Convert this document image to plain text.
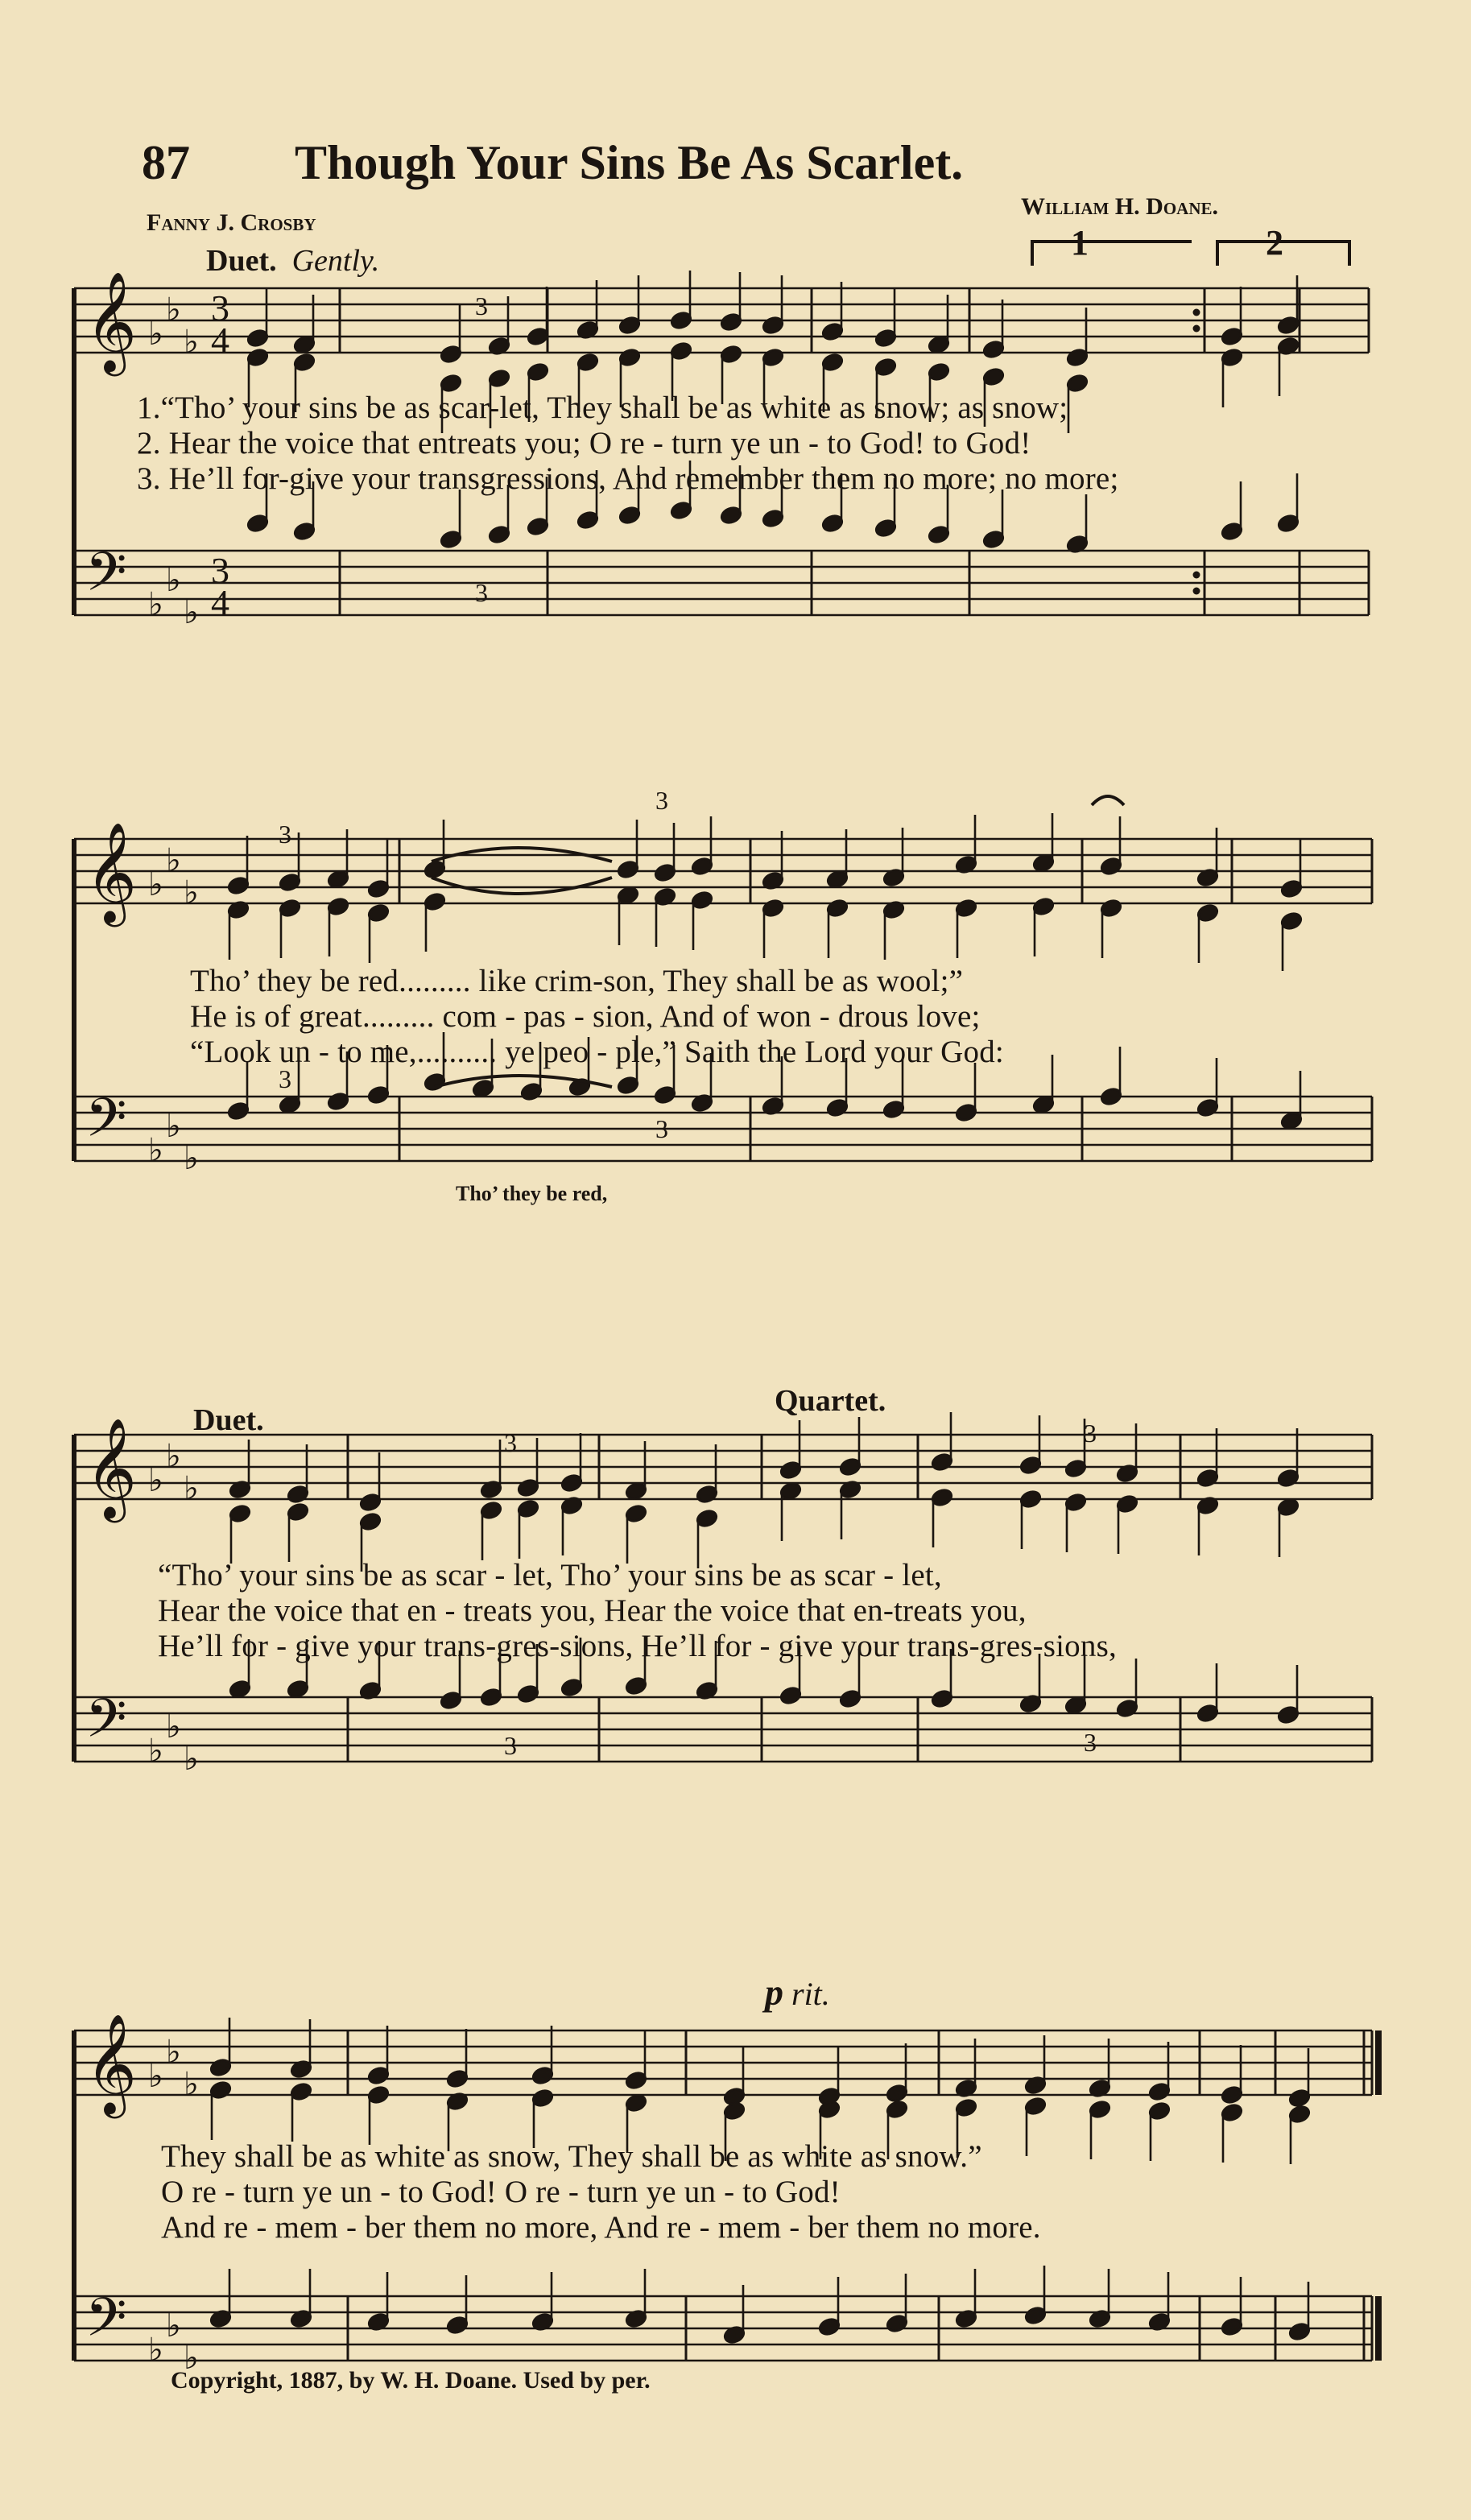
87 Though Your Sins Be As Scarlet.
Fanny J. Crosby
William H. Doane.
Duet. Gently.	1	2
𝄞
𝄢
♭
♭
♭
♭
♭
♭
3
4
3
4
𝄞
𝄢
♭
♭
♭
♭
♭
♭
𝄞
𝄢
♭
♭
♭
♭
♭
♭
𝄞
𝄢
♭
♭
♭
♭
♭
♭
3
3
3
3
3
3
3	3
3	3
1.“Tho’ your sins be as scar-let, They shall be as white as snow; as snow;
2. Hear the voice that entreats you; O re - turn ye un - to God! to God!
3. He’ll for-give your transgressions, And remember them no more; no more;
Tho’ they be red......... like crim-son, They shall be as wool;”
He is of great......... com - pas - sion, And of won - drous love;
“Look un - to me,.......... ye peo - ple,” Saith the Lord your God:
Tho’ they be red,
Duet.
Quartet.
“Tho’ your sins be as scar - let, Tho’ your sins be as scar - let,
Hear the voice that en - treats you, Hear the voice that en-treats you,
He’ll for - give your trans-gres-sions, He’ll for - give your trans-gres-sions,
p rit.
They shall be as white as snow, They shall be as white as snow.”
O re - turn ye un - to God! O re - turn ye un - to God!
And re - mem - ber them no more, And re - mem - ber them no more.
Copyright, 1887, by W. H. Doane. Used by per.
